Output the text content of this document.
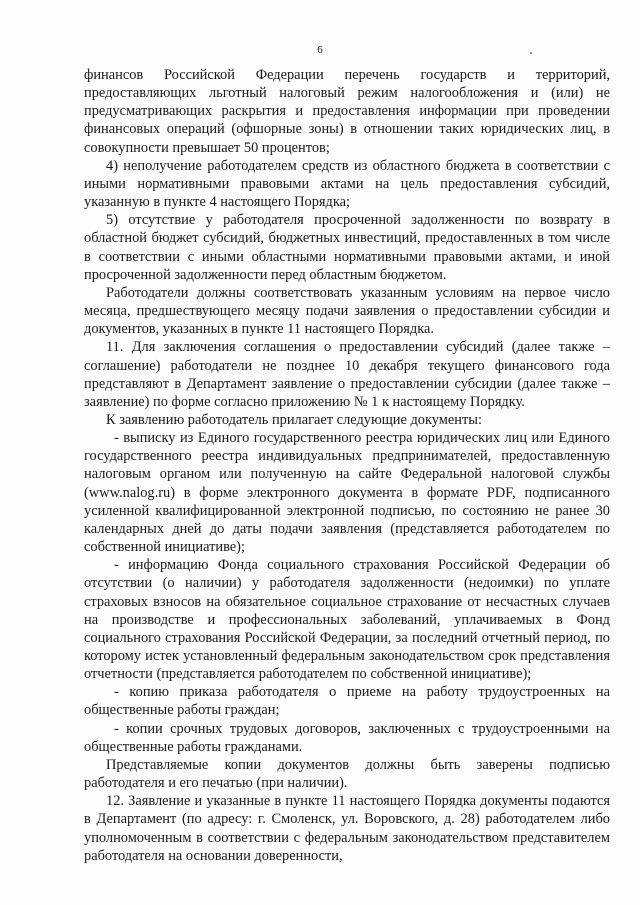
6

финансов Российской Федерации перечень государств и территорий, предоставляющих льготный налоговый режим налогообложения и (или) не предусматривающих раскрытия и предоставления информации при проведении финансовых операций (офшорные зоны) в отношении таких юридических лиц, в совокупности превышает 50 процентов;

4) неполучение работодателем средств из областного бюджета в соответствии с иными нормативными правовыми актами на цель предоставления субсидий, указанную в пункте 4 настоящего Порядка;

5) отсутствие у работодателя просроченной задолженности по возврату в областной бюджет субсидий, бюджетных инвестиций, предоставленных в том числе в соответствии с иными областными нормативными правовыми актами, и иной просроченной задолженности перед областным бюджетом.

Работодатели должны соответствовать указанным условиям на первое число месяца, предшествующего месяцу подачи заявления о предоставлении субсидии и документов, указанных в пункте 11 настоящего Порядка.

11. Для заключения соглашения о предоставлении субсидий (далее также – соглашение) работодатели не позднее 10 декабря текущего финансового года представляют в Департамент заявление о предоставлении субсидии (далее также – заявление) по форме согласно приложению № 1 к настоящему Порядку.

К заявлению работодатель прилагает следующие документы:

- выписку из Единого государственного реестра юридических лиц или Единого государственного реестра индивидуальных предпринимателей, предоставленную налоговым органом или полученную на сайте Федеральной налоговой службы (www.nalog.ru) в форме электронного документа в формате PDF, подписанного усиленной квалифицированной электронной подписью, по состоянию не ранее 30 календарных дней до даты подачи заявления (представляется работодателем по собственной инициативе);

- информацию Фонда социального страхования Российской Федерации об отсутствии (о наличии) у работодателя задолженности (недоимки) по уплате страховых взносов на обязательное социальное страхование от несчастных случаев на производстве и профессиональных заболеваний, уплачиваемых в Фонд социального страхования Российской Федерации, за последний отчетный период, по которому истек установленный федеральным законодательством срок представления отчетности (представляется работодателем по собственной инициативе);

- копию приказа работодателя о приеме на работу трудоустроенных на общественные работы граждан;

- копии срочных трудовых договоров, заключенных с трудоустроенными на общественные работы гражданами.

Представляемые копии документов должны быть заверены подписью работодателя и его печатью (при наличии).

12. Заявление и указанные в пункте 11 настоящего Порядка документы подаются в Департамент (по адресу: г. Смоленск, ул. Воровского, д. 28) работодателем либо уполномоченным в соответствии с федеральным законодательством представителем работодателя на основании доверенности,
